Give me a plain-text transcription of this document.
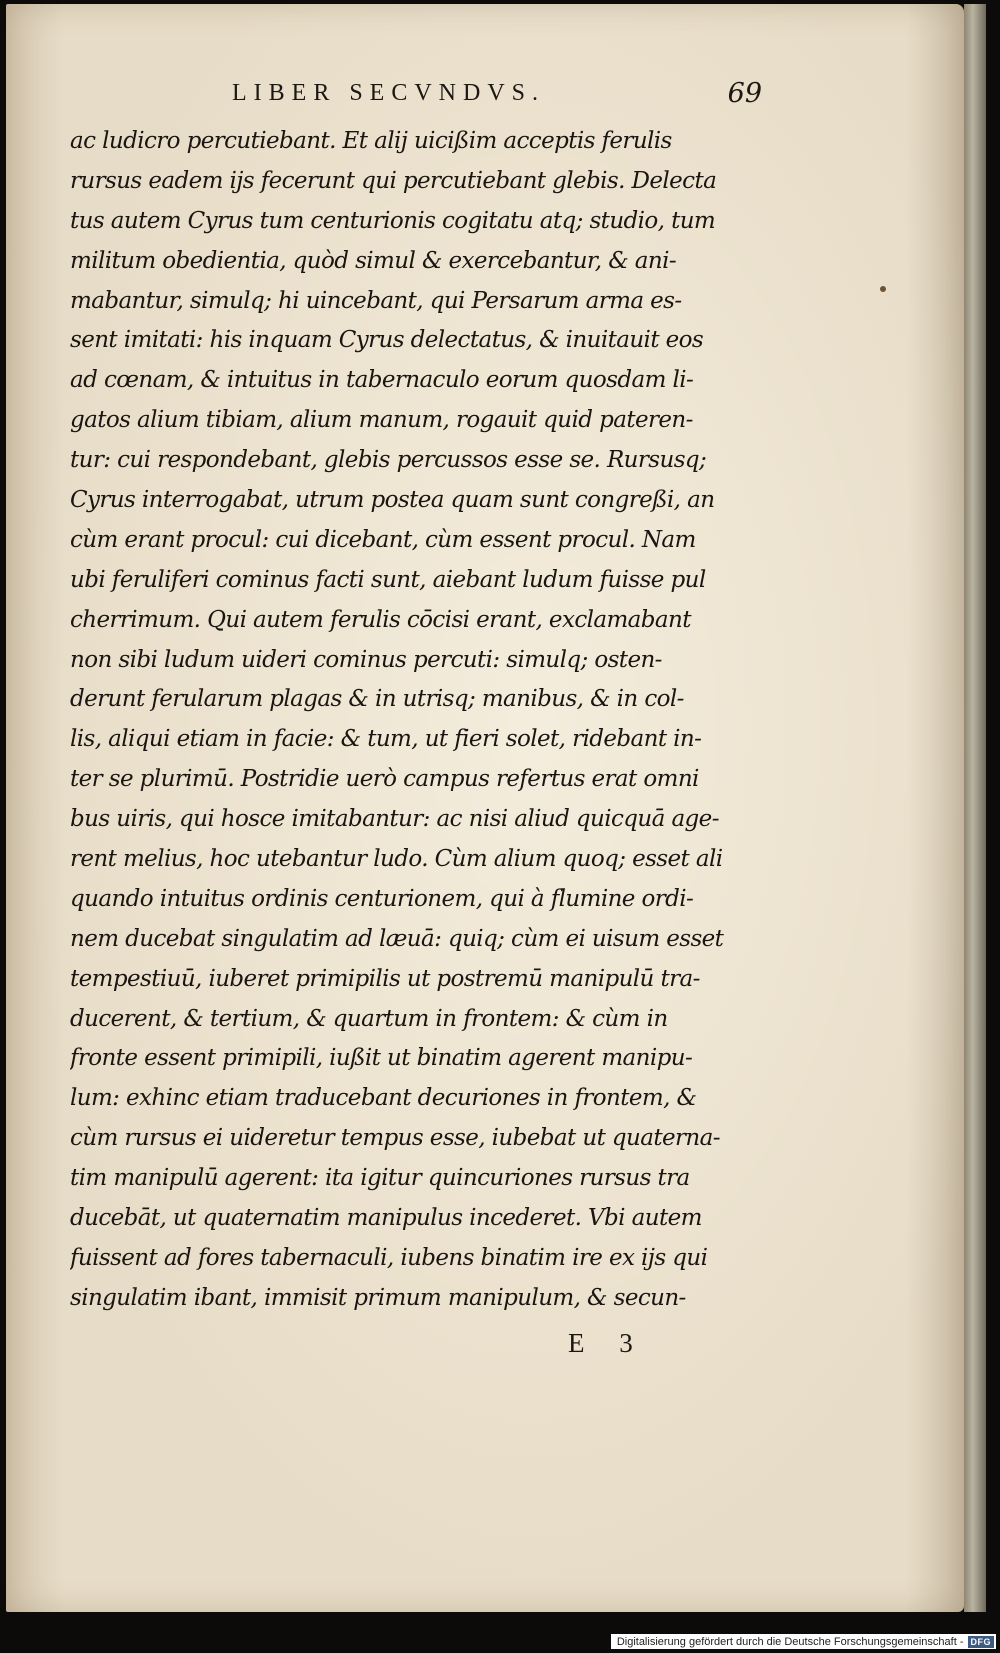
LIBER SECVNDVS.	69
ac ludicro percutiebant. Et alij uicißim acceptis ferulis
rursus eadem ijs fecerunt qui percutiebant glebis. Delecta
tus autem Cyrus tum centurionis cogitatu atq; studio, tum
militum obedientia, quòd simul & exercebantur, & ani-
mabantur, simulq; hi uincebant, qui Persarum arma es-
sent imitati: his inquam Cyrus delectatus, & inuitauit eos
ad cœnam, & intuitus in tabernaculo eorum quosdam li-
gatos alium tibiam, alium manum, rogauit quid pateren-
tur: cui respondebant, glebis percussos esse se. Rursusq;
Cyrus interrogabat, utrum postea quam sunt congreßi, an
cùm erant procul: cui dicebant, cùm essent procul. Nam
ubi feruliferi cominus facti sunt, aiebant ludum fuisse pul
cherrimum. Qui autem ferulis cōcisi erant, exclamabant
non sibi ludum uideri cominus percuti: simulq; osten-
derunt ferularum plagas & in utrisq; manibus, & in col-
lis, aliqui etiam in facie: & tum, ut fieri solet, ridebant in-
ter se plurimū. Postridie uerò campus refertus erat omni
bus uiris, qui hosce imitabantur: ac nisi aliud quicquā age-
rent melius, hoc utebantur ludo. Cùm alium quoq; esset ali
quando intuitus ordinis centurionem, qui à flumine ordi-
nem ducebat singulatim ad læuā: quiq; cùm ei uisum esset
tempestiuū, iuberet primipilis ut postremū manipulū tra-
ducerent, & tertium, & quartum in frontem: & cùm in
fronte essent primipili, iußit ut binatim agerent manipu-
lum: exhinc etiam traducebant decuriones in frontem, &
cùm rursus ei uideretur tempus esse, iubebat ut quaterna-
tim manipulū agerent: ita igitur quincuriones rursus tra
ducebāt, ut quaternatim manipulus incederet. Vbi autem
fuissent ad fores tabernaculi, iubens binatim ire ex ijs qui
singulatim ibant, immisit primum manipulum, & secun-
E 3
Digitalisierung gefördert durch die Deutsche Forschungsgemeinschaft - DFG
